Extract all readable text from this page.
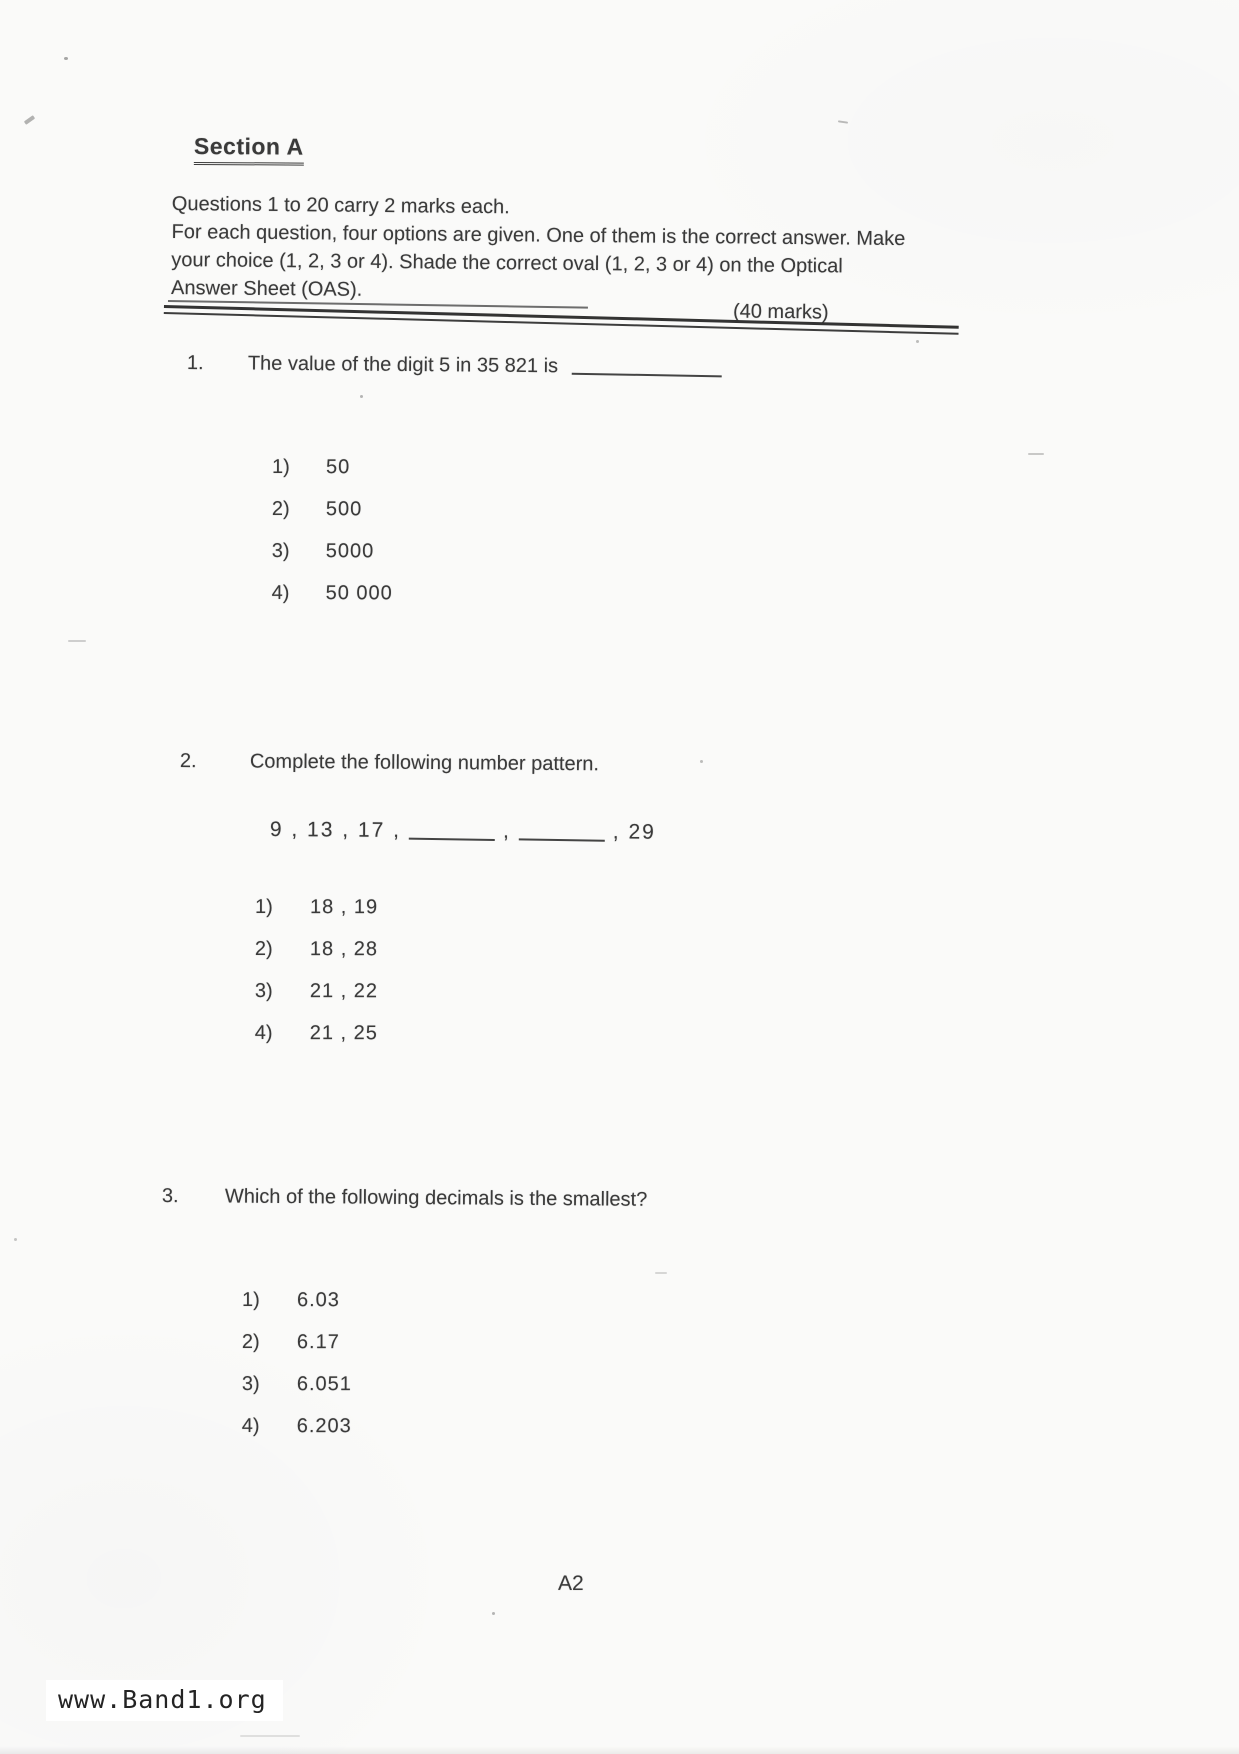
Section A
Questions 1 to 20 carry 2 marks each.
For each question, four options are given. One of them is the correct answer. Make
your choice (1, 2, 3 or 4). Shade the correct oval (1, 2, 3 or 4) on the Optical
Answer Sheet (OAS).
(40 marks)
1.	The value of the digit 5 in 35 821 is
1)	50
2)	500
3)	5000
4)	50 000
2.	Complete the following number pattern.
9 , 13 , 17 ,	,	, 29
1)	18 , 19
2)	18 , 28
3)	21 , 22
4)	21 , 25
3.	Which of the following decimals is the smallest?
1)	6.03
2)	6.17
3)	6.051
4)	6.203
A2
www.Band1.org
